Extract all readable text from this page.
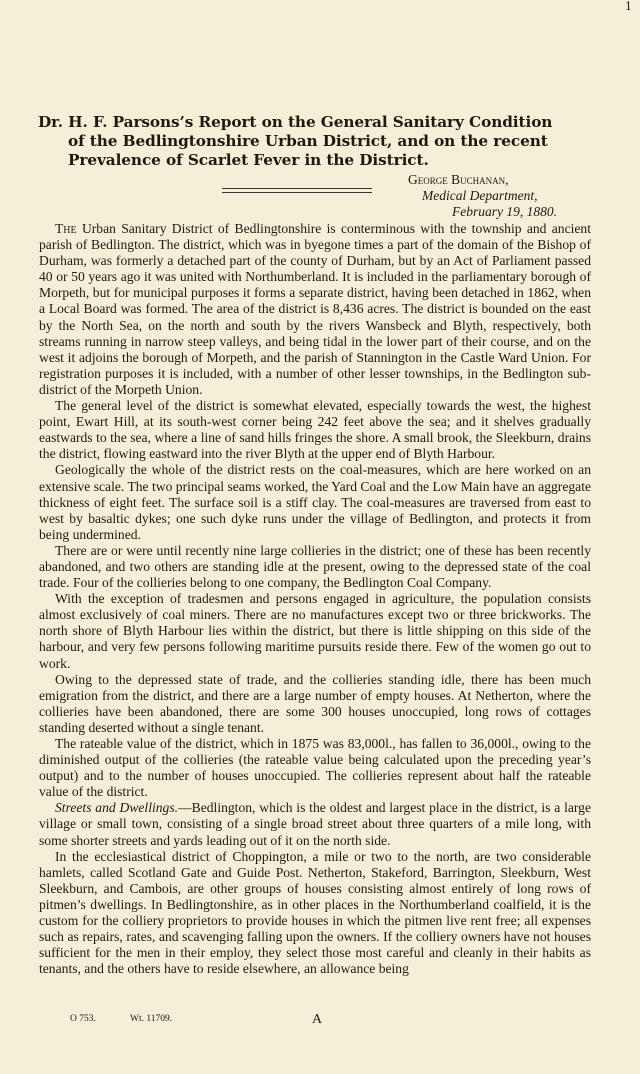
1
Dr. H. F. Parsons’s Report on the General Sanitary Condition
of the Bedlingtonshire Urban District, and on the recent
Prevalence of Scarlet Fever in the District.
George Buchanan,
Medical Department,
February 19, 1880.

The Urban Sanitary District of Bedlingtonshire is conterminous with the township and ancient parish of Bedlington. The district, which was in byegone times a part of the domain of the Bishop of Durham, was formerly a detached part of the county of Durham, but by an Act of Parliament passed 40 or 50 years ago it was united with Northumberland. It is included in the parliamentary borough of Morpeth, but for municipal purposes it forms a separate district, having been detached in 1862, when a Local Board was formed. The area of the district is 8,436 acres. The district is bounded on the east by the North Sea, on the north and south by the rivers Wansbeck and Blyth, respectively, both streams running in narrow steep valleys, and being tidal in the lower part of their course, and on the west it adjoins the borough of Morpeth, and the parish of Stannington in the Castle Ward Union. For registration purposes it is included, with a number of other lesser townships, in the Bedlington sub-district of the Morpeth Union.

The general level of the district is somewhat elevated, especially towards the west, the highest point, Ewart Hill, at its south-west corner being 242 feet above the sea; and it shelves gradually eastwards to the sea, where a line of sand hills fringes the shore. A small brook, the Sleekburn, drains the district, flowing eastward into the river Blyth at the upper end of Blyth Harbour.

Geologically the whole of the district rests on the coal-measures, which are here worked on an extensive scale. The two principal seams worked, the Yard Coal and the Low Main have an aggregate thickness of eight feet. The surface soil is a stiff clay. The coal-measures are traversed from east to west by basaltic dykes; one such dyke runs under the village of Bedlington, and protects it from being undermined.

There are or were until recently nine large collieries in the district; one of these has been recently abandoned, and two others are standing idle at the present, owing to the depressed state of the coal trade. Four of the collieries belong to one company, the Bedlington Coal Company.

With the exception of tradesmen and persons engaged in agriculture, the population consists almost exclusively of coal miners. There are no manufactures except two or three brickworks. The north shore of Blyth Harbour lies within the district, but there is little shipping on this side of the harbour, and very few persons following maritime pursuits reside there. Few of the women go out to work.

Owing to the depressed state of trade, and the collieries standing idle, there has been much emigration from the district, and there are a large number of empty houses. At Netherton, where the collieries have been abandoned, there are some 300 houses unoccupied, long rows of cottages standing deserted without a single tenant.

The rateable value of the district, which in 1875 was 83,000l., has fallen to 36,000l., owing to the diminished output of the collieries (the rateable value being calculated upon the preceding year’s output) and to the number of houses unoccupied. The collieries represent about half the rateable value of the district.

Streets and Dwellings.—Bedlington, which is the oldest and largest place in the district, is a large village or small town, consisting of a single broad street about three quarters of a mile long, with some shorter streets and yards leading out of it on the north side.

In the ecclesiastical district of Choppington, a mile or two to the north, are two considerable hamlets, called Scotland Gate and Guide Post. Netherton, Stakeford, Barrington, Sleekburn, West Sleekburn, and Cambois, are other groups of houses consisting almost entirely of long rows of pitmen’s dwellings. In Bedlingtonshire, as in other places in the Northumberland coalfield, it is the custom for the colliery proprietors to provide houses in which the pitmen live rent free; all expenses such as repairs, rates, and scavenging falling upon the owners. If the colliery owners have not houses sufficient for the men in their employ, they select those most careful and cleanly in their habits as tenants, and the others have to reside elsewhere, an allowance being

O 753.	Wt. 11709.	A
